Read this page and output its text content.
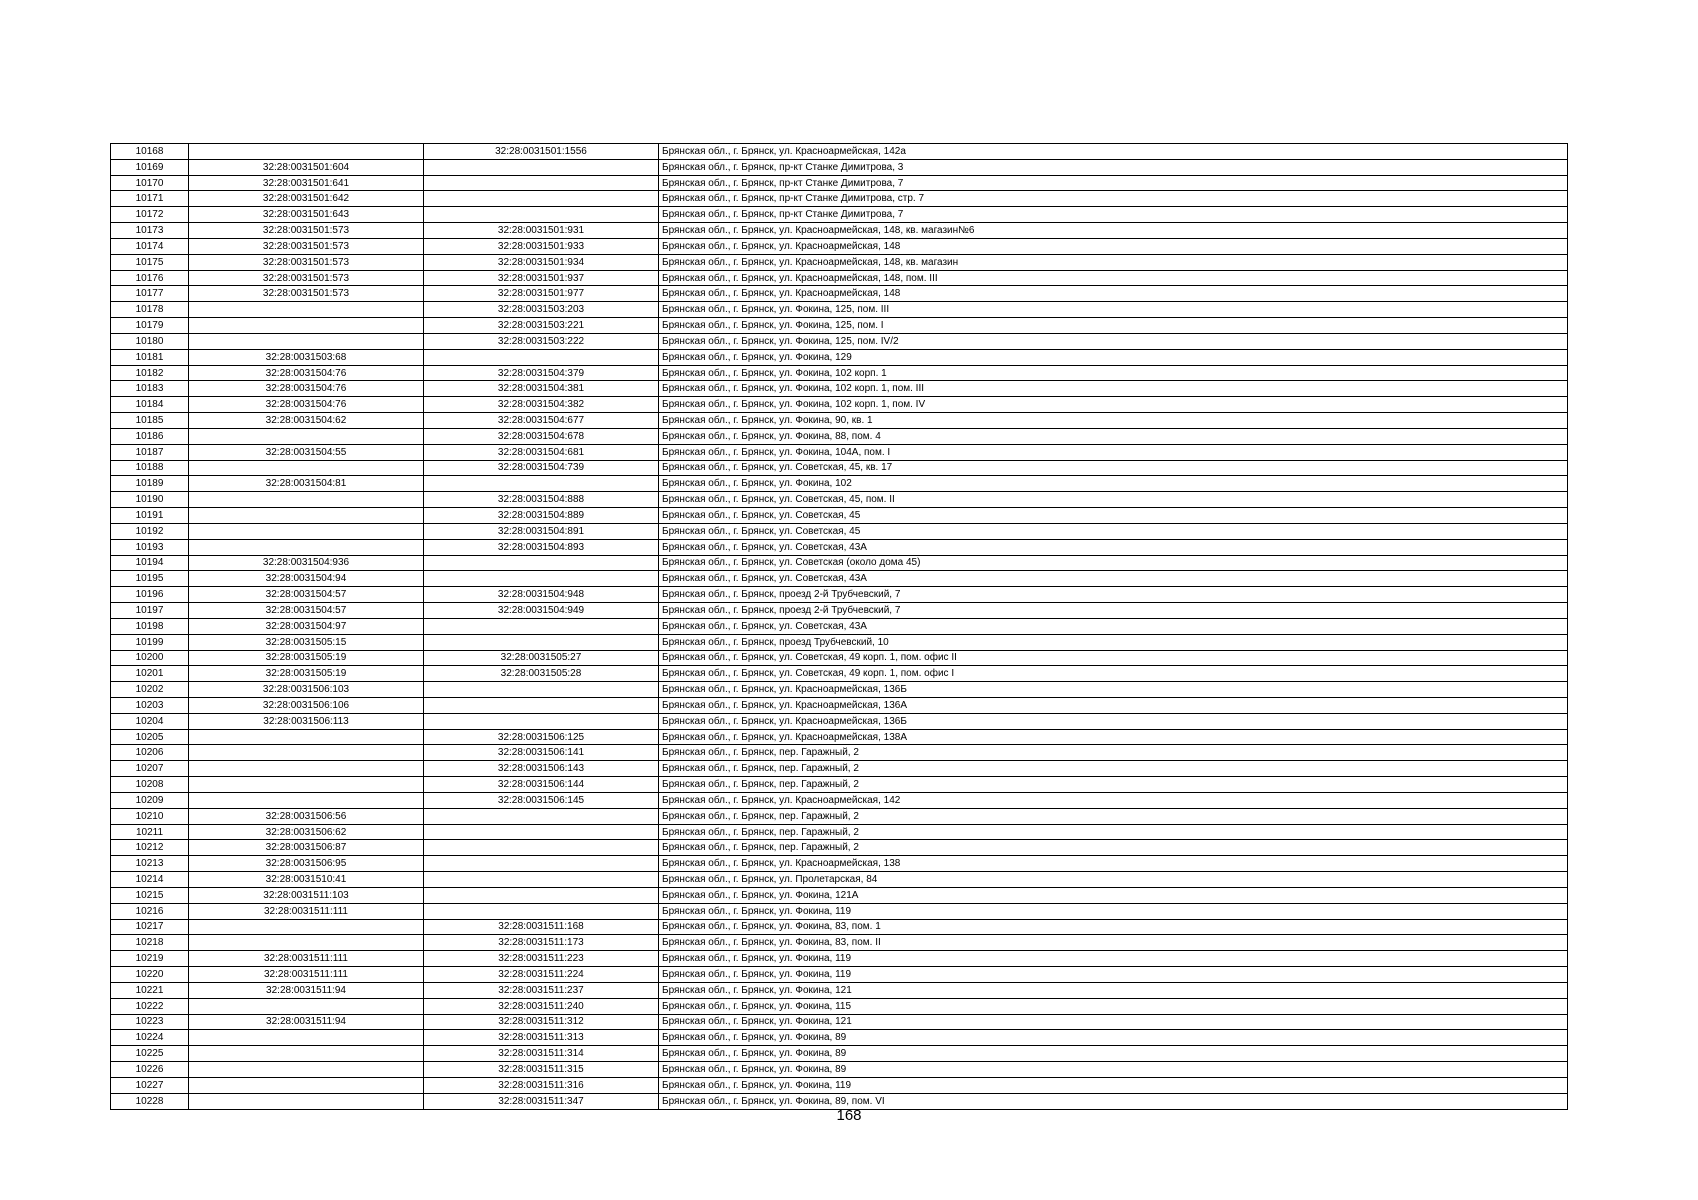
10168		32:28:0031501:1556	Брянская обл., г. Брянск, ул. Красноармейская, 142а
10169	32:28:0031501:604		Брянская обл., г. Брянск, пр-кт Станке Димитрова, 3
10170	32:28:0031501:641		Брянская обл., г. Брянск, пр-кт Станке Димитрова, 7
10171	32:28:0031501:642		Брянская обл., г. Брянск, пр-кт Станке Димитрова, стр. 7
10172	32:28:0031501:643		Брянская обл., г. Брянск, пр-кт Станке Димитрова, 7
10173	32:28:0031501:573	32:28:0031501:931	Брянская обл., г. Брянск, ул. Красноармейская, 148, кв. магазин№6
10174	32:28:0031501:573	32:28:0031501:933	Брянская обл., г. Брянск, ул. Красноармейская, 148
10175	32:28:0031501:573	32:28:0031501:934	Брянская обл., г. Брянск, ул. Красноармейская, 148, кв. магазин
10176	32:28:0031501:573	32:28:0031501:937	Брянская обл., г. Брянск, ул. Красноармейская, 148, пом. III
10177	32:28:0031501:573	32:28:0031501:977	Брянская обл., г. Брянск, ул. Красноармейская, 148
10178		32:28:0031503:203	Брянская обл., г. Брянск, ул. Фокина, 125, пом. III
10179		32:28:0031503:221	Брянская обл., г. Брянск, ул. Фокина, 125, пом. I
10180		32:28:0031503:222	Брянская обл., г. Брянск, ул. Фокина, 125, пом. IV/2
10181	32:28:0031503:68		Брянская обл., г. Брянск, ул. Фокина, 129
10182	32:28:0031504:76	32:28:0031504:379	Брянская обл., г. Брянск, ул. Фокина, 102 корп. 1
10183	32:28:0031504:76	32:28:0031504:381	Брянская обл., г. Брянск, ул. Фокина, 102 корп. 1, пом. III
10184	32:28:0031504:76	32:28:0031504:382	Брянская обл., г. Брянск, ул. Фокина, 102 корп. 1, пом. IV
10185	32:28:0031504:62	32:28:0031504:677	Брянская обл., г. Брянск, ул. Фокина, 90, кв. 1
10186		32:28:0031504:678	Брянская обл., г. Брянск, ул. Фокина, 88, пом. 4
10187	32:28:0031504:55	32:28:0031504:681	Брянская обл., г. Брянск, ул. Фокина, 104А, пом. I
10188		32:28:0031504:739	Брянская обл., г. Брянск, ул. Советская, 45, кв. 17
10189	32:28:0031504:81		Брянская обл., г. Брянск, ул. Фокина, 102
10190		32:28:0031504:888	Брянская обл., г. Брянск, ул. Советская, 45, пом. II
10191		32:28:0031504:889	Брянская обл., г. Брянск, ул. Советская, 45
10192		32:28:0031504:891	Брянская обл., г. Брянск, ул. Советская, 45
10193		32:28:0031504:893	Брянская обл., г. Брянск, ул. Советская, 43А
10194	32:28:0031504:936		Брянская обл., г. Брянск, ул. Советская (около дома 45)
10195	32:28:0031504:94		Брянская обл., г. Брянск, ул. Советская, 43А
10196	32:28:0031504:57	32:28:0031504:948	Брянская обл., г. Брянск, проезд 2-й Трубчевский, 7
10197	32:28:0031504:57	32:28:0031504:949	Брянская обл., г. Брянск, проезд 2-й Трубчевский, 7
10198	32:28:0031504:97		Брянская обл., г. Брянск, ул. Советская, 43А
10199	32:28:0031505:15		Брянская обл., г. Брянск, проезд Трубчевский, 10
10200	32:28:0031505:19	32:28:0031505:27	Брянская обл., г. Брянск, ул. Советская, 49 корп. 1, пом. офис II
10201	32:28:0031505:19	32:28:0031505:28	Брянская обл., г. Брянск, ул. Советская, 49 корп. 1, пом. офис I
10202	32:28:0031506:103		Брянская обл., г. Брянск, ул. Красноармейская, 136Б
10203	32:28:0031506:106		Брянская обл., г. Брянск, ул. Красноармейская, 136А
10204	32:28:0031506:113		Брянская обл., г. Брянск, ул. Красноармейская, 136Б
10205		32:28:0031506:125	Брянская обл., г. Брянск, ул. Красноармейская, 138А
10206		32:28:0031506:141	Брянская обл., г. Брянск, пер. Гаражный, 2
10207		32:28:0031506:143	Брянская обл., г. Брянск, пер. Гаражный, 2
10208		32:28:0031506:144	Брянская обл., г. Брянск, пер. Гаражный, 2
10209		32:28:0031506:145	Брянская обл., г. Брянск, ул. Красноармейская, 142
10210	32:28:0031506:56		Брянская обл., г. Брянск, пер. Гаражный, 2
10211	32:28:0031506:62		Брянская обл., г. Брянск, пер. Гаражный, 2
10212	32:28:0031506:87		Брянская обл., г. Брянск, пер. Гаражный, 2
10213	32:28:0031506:95		Брянская обл., г. Брянск, ул. Красноармейская, 138
10214	32:28:0031510:41		Брянская обл., г. Брянск, ул. Пролетарская, 84
10215	32:28:0031511:103		Брянская обл., г. Брянск, ул. Фокина, 121А
10216	32:28:0031511:111		Брянская обл., г. Брянск, ул. Фокина, 119
10217		32:28:0031511:168	Брянская обл., г. Брянск, ул. Фокина, 83, пом. 1
10218		32:28:0031511:173	Брянская обл., г. Брянск, ул. Фокина, 83, пом. II
10219	32:28:0031511:111	32:28:0031511:223	Брянская обл., г. Брянск, ул. Фокина, 119
10220	32:28:0031511:111	32:28:0031511:224	Брянская обл., г. Брянск, ул. Фокина, 119
10221	32:28:0031511:94	32:28:0031511:237	Брянская обл., г. Брянск, ул. Фокина, 121
10222		32:28:0031511:240	Брянская обл., г. Брянск, ул. Фокина, 115
10223	32:28:0031511:94	32:28:0031511:312	Брянская обл., г. Брянск, ул. Фокина, 121
10224		32:28:0031511:313	Брянская обл., г. Брянск, ул. Фокина, 89
10225		32:28:0031511:314	Брянская обл., г. Брянск, ул. Фокина, 89
10226		32:28:0031511:315	Брянская обл., г. Брянск, ул. Фокина, 89
10227		32:28:0031511:316	Брянская обл., г. Брянск, ул. Фокина, 119
10228		32:28:0031511:347	Брянская обл., г. Брянск, ул. Фокина, 89, пом. VI
168
